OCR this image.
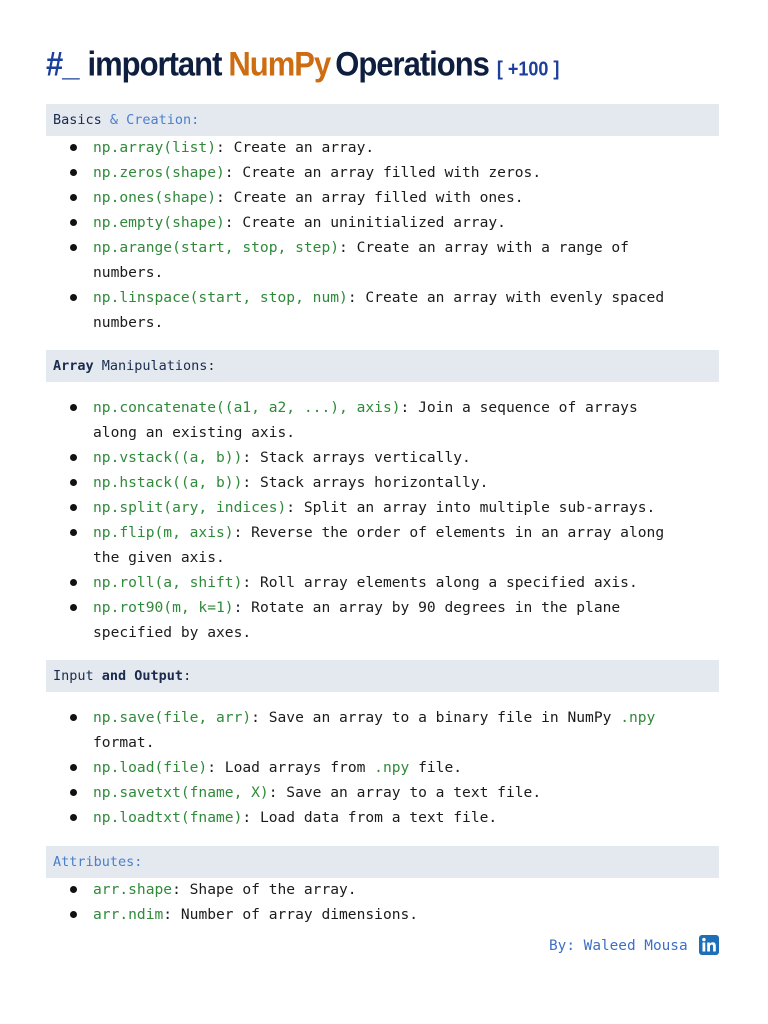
#_ important NumPy Operations [ +100 ]
Basics & Creation:
np.array(list): Create an array.
np.zeros(shape): Create an array filled with zeros.
np.ones(shape): Create an array filled with ones.
np.empty(shape): Create an uninitialized array.
np.arange(start, stop, step): Create an array with a range of
numbers.
np.linspace(start, stop, num): Create an array with evenly spaced
numbers.
Array Manipulations:
np.concatenate((a1, a2, ...), axis): Join a sequence of arrays
along an existing axis.
np.vstack((a, b)): Stack arrays vertically.
np.hstack((a, b)): Stack arrays horizontally.
np.split(ary, indices): Split an array into multiple sub-arrays.
np.flip(m, axis): Reverse the order of elements in an array along
the given axis.
np.roll(a, shift): Roll array elements along a specified axis.
np.rot90(m, k=1): Rotate an array by 90 degrees in the plane
specified by axes.
Input and Output:
np.save(file, arr): Save an array to a binary file in NumPy .npy
format.
np.load(file): Load arrays from .npy file.
np.savetxt(fname, X): Save an array to a text file.
np.loadtxt(fname): Load data from a text file.
Attributes:
arr.shape: Shape of the array.
arr.ndim: Number of array dimensions.
By: Waleed Mousa
